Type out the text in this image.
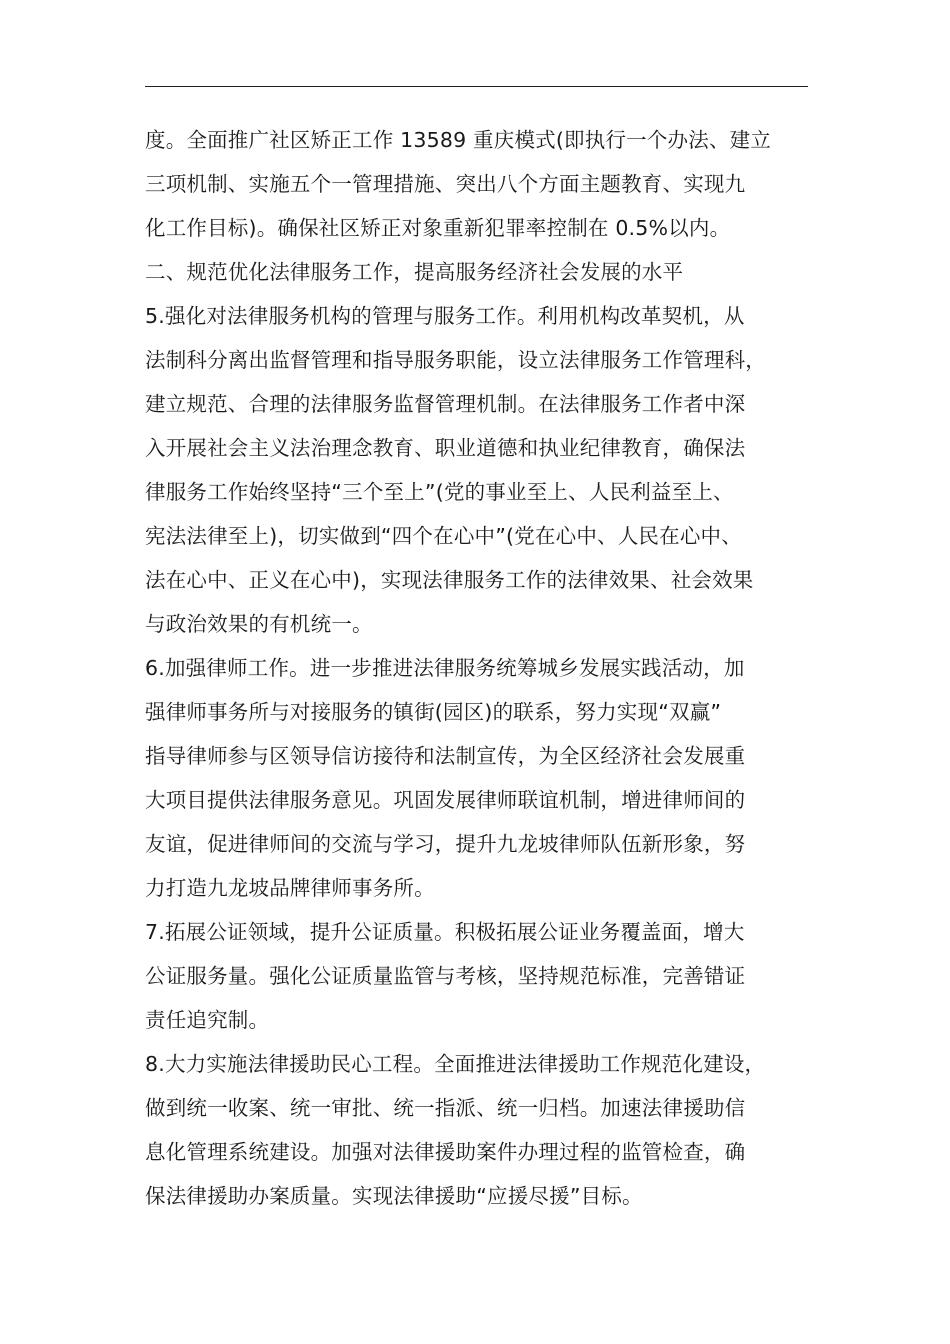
度。全面推广社区矫正工作 13589 重庆模式(即执行一个办法、建立
三项机制、实施五个一管理措施、突出八个方面主题教育、实现九
化工作目标)。确保社区矫正对象重新犯罪率控制在 0.5%以内。
二、规范优化法律服务工作，提高服务经济社会发展的水平
5.强化对法律服务机构的管理与服务工作。利用机构改革契机，从
法制科分离出监督管理和指导服务职能，设立法律服务工作管理科，
建立规范、合理的法律服务监督管理机制。在法律服务工作者中深
入开展社会主义法治理念教育、职业道德和执业纪律教育，确保法
律服务工作始终坚持“三个至上”(党的事业至上、人民利益至上、
宪法法律至上)，切实做到“四个在心中”(党在心中、人民在心中、
法在心中、正义在心中)，实现法律服务工作的法律效果、社会效果
与政治效果的有机统一。
6.加强律师工作。进一步推进法律服务统筹城乡发展实践活动，加
强律师事务所与对接服务的镇街(园区)的联系，努力实现“双赢”
指导律师参与区领导信访接待和法制宣传，为全区经济社会发展重
大项目提供法律服务意见。巩固发展律师联谊机制，增进律师间的
友谊，促进律师间的交流与学习，提升九龙坡律师队伍新形象，努
力打造九龙坡品牌律师事务所。
7.拓展公证领域，提升公证质量。积极拓展公证业务覆盖面，增大
公证服务量。强化公证质量监管与考核，坚持规范标准，完善错证
责任追究制。
8.大力实施法律援助民心工程。全面推进法律援助工作规范化建设，
做到统一收案、统一审批、统一指派、统一归档。加速法律援助信
息化管理系统建设。加强对法律援助案件办理过程的监管检查，确
保法律援助办案质量。实现法律援助“应援尽援”目标。
